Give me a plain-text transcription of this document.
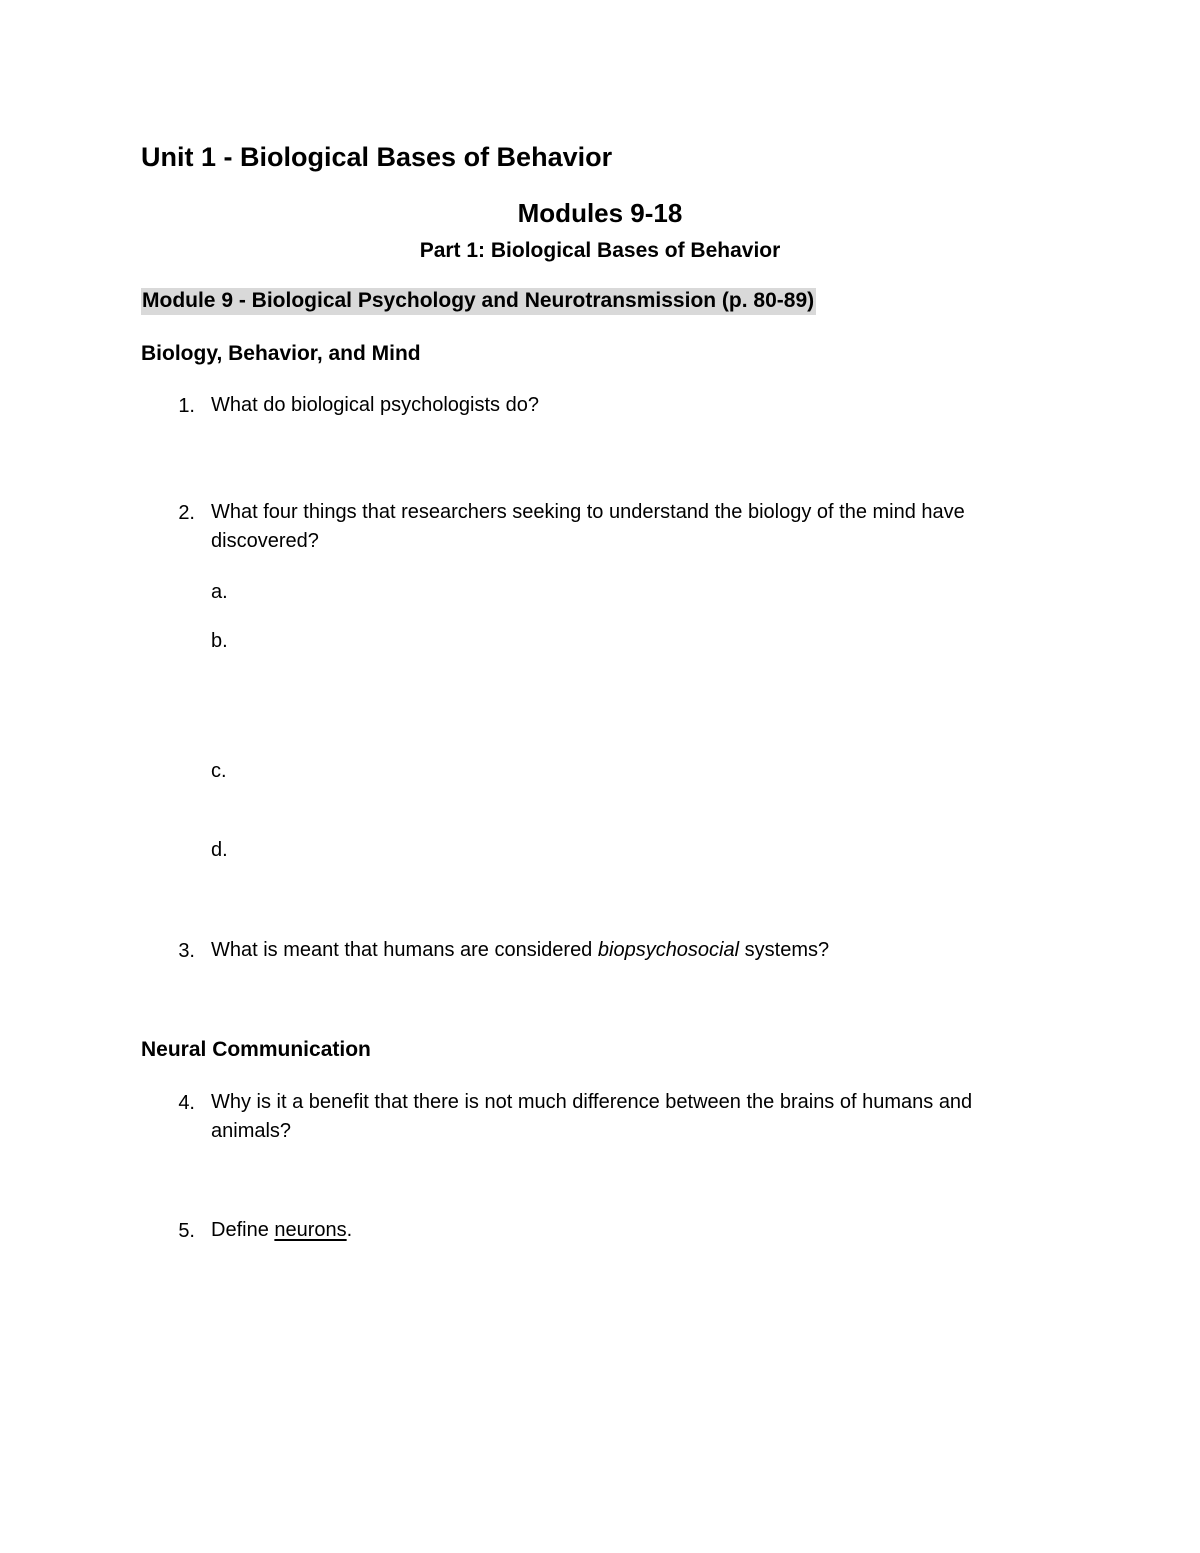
Unit 1 - Biological Bases of Behavior
Modules 9-18
Part 1: Biological Bases of Behavior
Module 9 - Biological Psychology and Neurotransmission (p. 80-89)
Biology, Behavior, and Mind
1. What do biological psychologists do?
2. What four things that researchers seeking to understand the biology of the mind have discovered?
a.
b.
c.
d.
3. What is meant that humans are considered biopsychosocial systems?
Neural Communication
4. Why is it a benefit that there is not much difference between the brains of humans and animals?
5. Define neurons.
